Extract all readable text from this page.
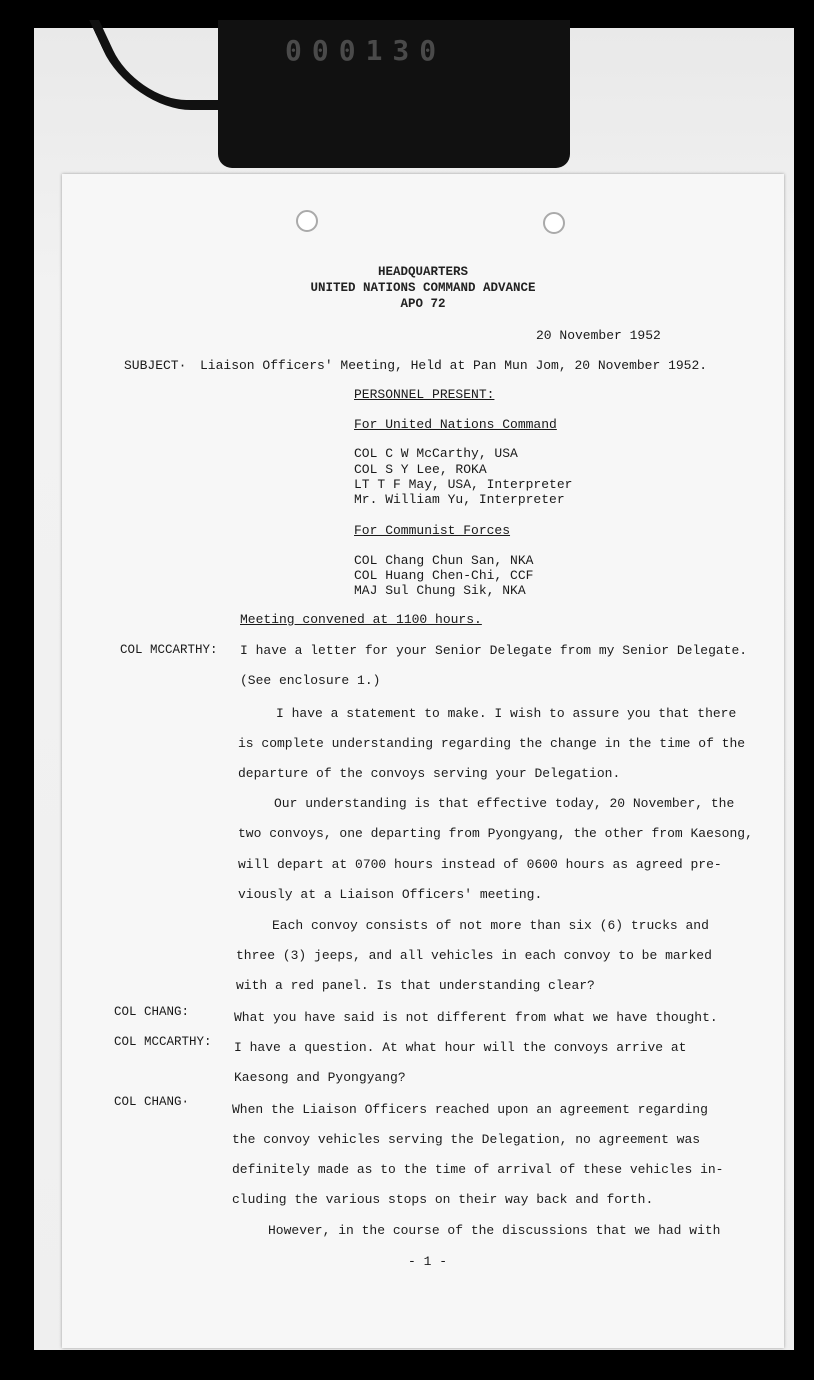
000130
HEADQUARTERS
UNITED NATIONS COMMAND ADVANCE
APO 72
20 November 1952
SUBJECT· Liaison Officers' Meeting, Held at Pan Mun Jom, 20 November 1952.
PERSONNEL PRESENT:
For United Nations Command
COL C W McCarthy, USA
COL S Y Lee, ROKA
LT T F May, USA, Interpreter
Mr. William Yu, Interpreter
For Communist Forces
COL Chang Chun San, NKA
COL Huang Chen-Chi, CCF
MAJ Sul Chung Sik, NKA
Meeting convened at 1100 hours.
COL MCCARTHY:
COL CHANG:
COL MCCARTHY:
COL CHANG·
I have a letter for your Senior Delegate from my Senior Delegate.
(See enclosure 1.)
I have a statement to make. I wish to assure you that there
is complete understanding regarding the change in the time of the
departure of the convoys serving your Delegation.
Our understanding is that effective today, 20 November, the
two convoys, one departing from Pyongyang, the other from Kaesong,
will depart at 0700 hours instead of 0600 hours as agreed pre-
viously at a Liaison Officers' meeting.
Each convoy consists of not more than six (6) trucks and
three (3) jeeps, and all vehicles in each convoy to be marked
with a red panel. Is that understanding clear?
What you have said is not different from what we have thought.
I have a question. At what hour will the convoys arrive at
Kaesong and Pyongyang?
When the Liaison Officers reached upon an agreement regarding
the convoy vehicles serving the Delegation, no agreement was
definitely made as to the time of arrival of these vehicles in-
cluding the various stops on their way back and forth.
However, in the course of the discussions that we had with
- 1 -
